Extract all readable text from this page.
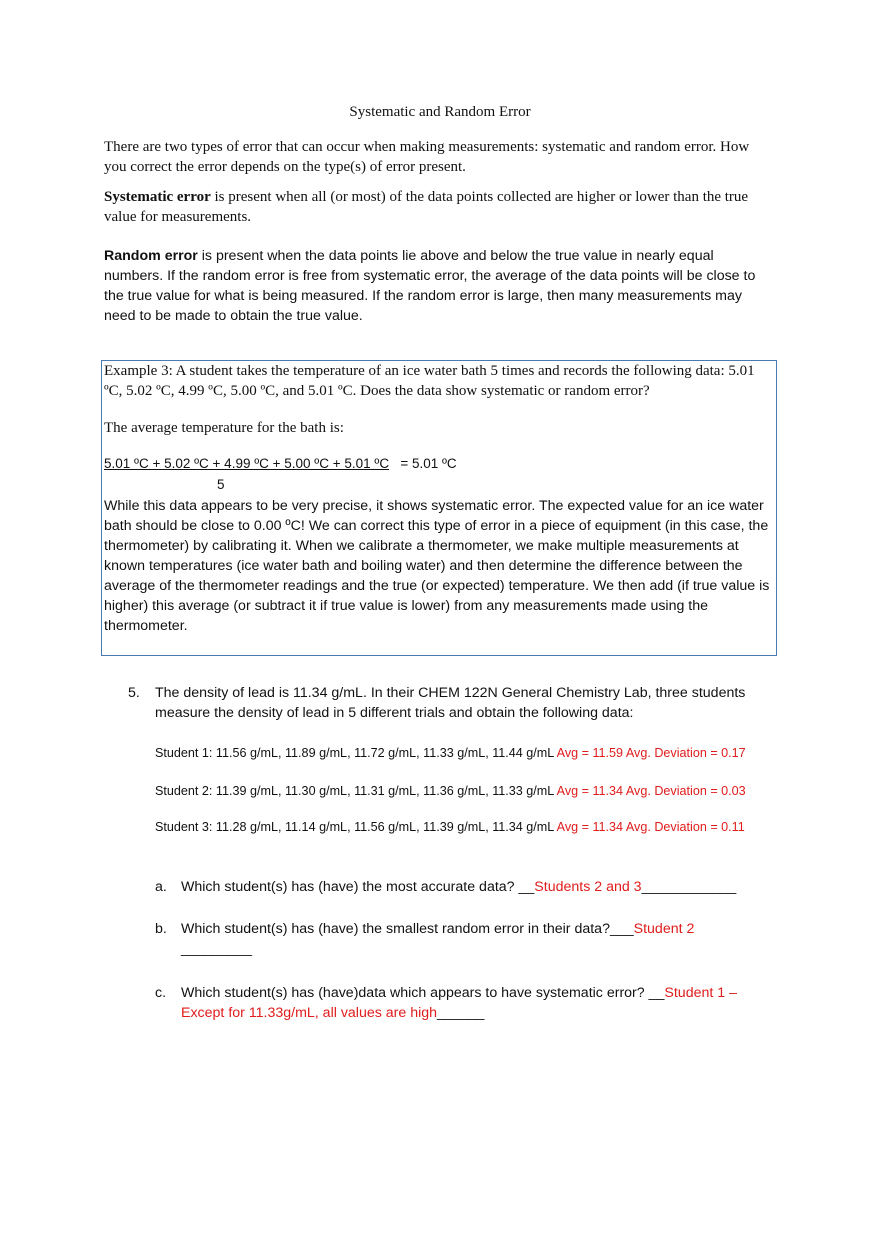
Systematic and Random Error
There are two types of error that can occur when making measurements: systematic and random error. How you correct the error depends on the type(s) of error present.
Systematic error is present when all (or most) of the data points collected are higher or lower than the true value for measurements.
Random error is present when the data points lie above and below the true value in nearly equal numbers. If the random error is free from systematic error, the average of the data points will be close to the true value for what is being measured. If the random error is large, then many measurements may need to be made to obtain the true value.
Example 3: A student takes the temperature of an ice water bath 5 times and records the following data: 5.01 ºC, 5.02 ºC, 4.99 ºC, 5.00 ºC, and 5.01 ºC. Does the data show systematic or random error?
The average temperature for the bath is:
5.01 ºC + 5.02 ºC + 4.99 ºC + 5.00 ºC + 5.01 ºC = 5.01 ºC
5
While this data appears to be very precise, it shows systematic error. The expected value for an ice water bath should be close to 0.00 ºC! We can correct this type of error in a piece of equipment (in this case, the thermometer) by calibrating it. When we calibrate a thermometer, we make multiple measurements at known temperatures (ice water bath and boiling water) and then determine the difference between the average of the thermometer readings and the true (or expected) temperature. We then add (if true value is higher) this average (or subtract it if true value is lower) from any measurements made using the thermometer.
5. The density of lead is 11.34 g/mL. In their CHEM 122N General Chemistry Lab, three students measure the density of lead in 5 different trials and obtain the following data:
Student 1: 11.56 g/mL, 11.89 g/mL, 11.72 g/mL, 11.33 g/mL, 11.44 g/mL Avg = 11.59 Avg. Deviation = 0.17
Student 2: 11.39 g/mL, 11.30 g/mL, 11.31 g/mL, 11.36 g/mL, 11.33 g/mL Avg = 11.34 Avg. Deviation = 0.03
Student 3: 11.28 g/mL, 11.14 g/mL, 11.56 g/mL, 11.39 g/mL, 11.34 g/mL Avg = 11.34 Avg. Deviation = 0.11
a. Which student(s) has (have) the most accurate data? __Students 2 and 3____________
b. Which student(s) has (have) the smallest random error in their data?___Student 2 _________
c. Which student(s) has (have)data which appears to have systematic error? __Student 1 – Except for 11.33g/mL, all values are high______
